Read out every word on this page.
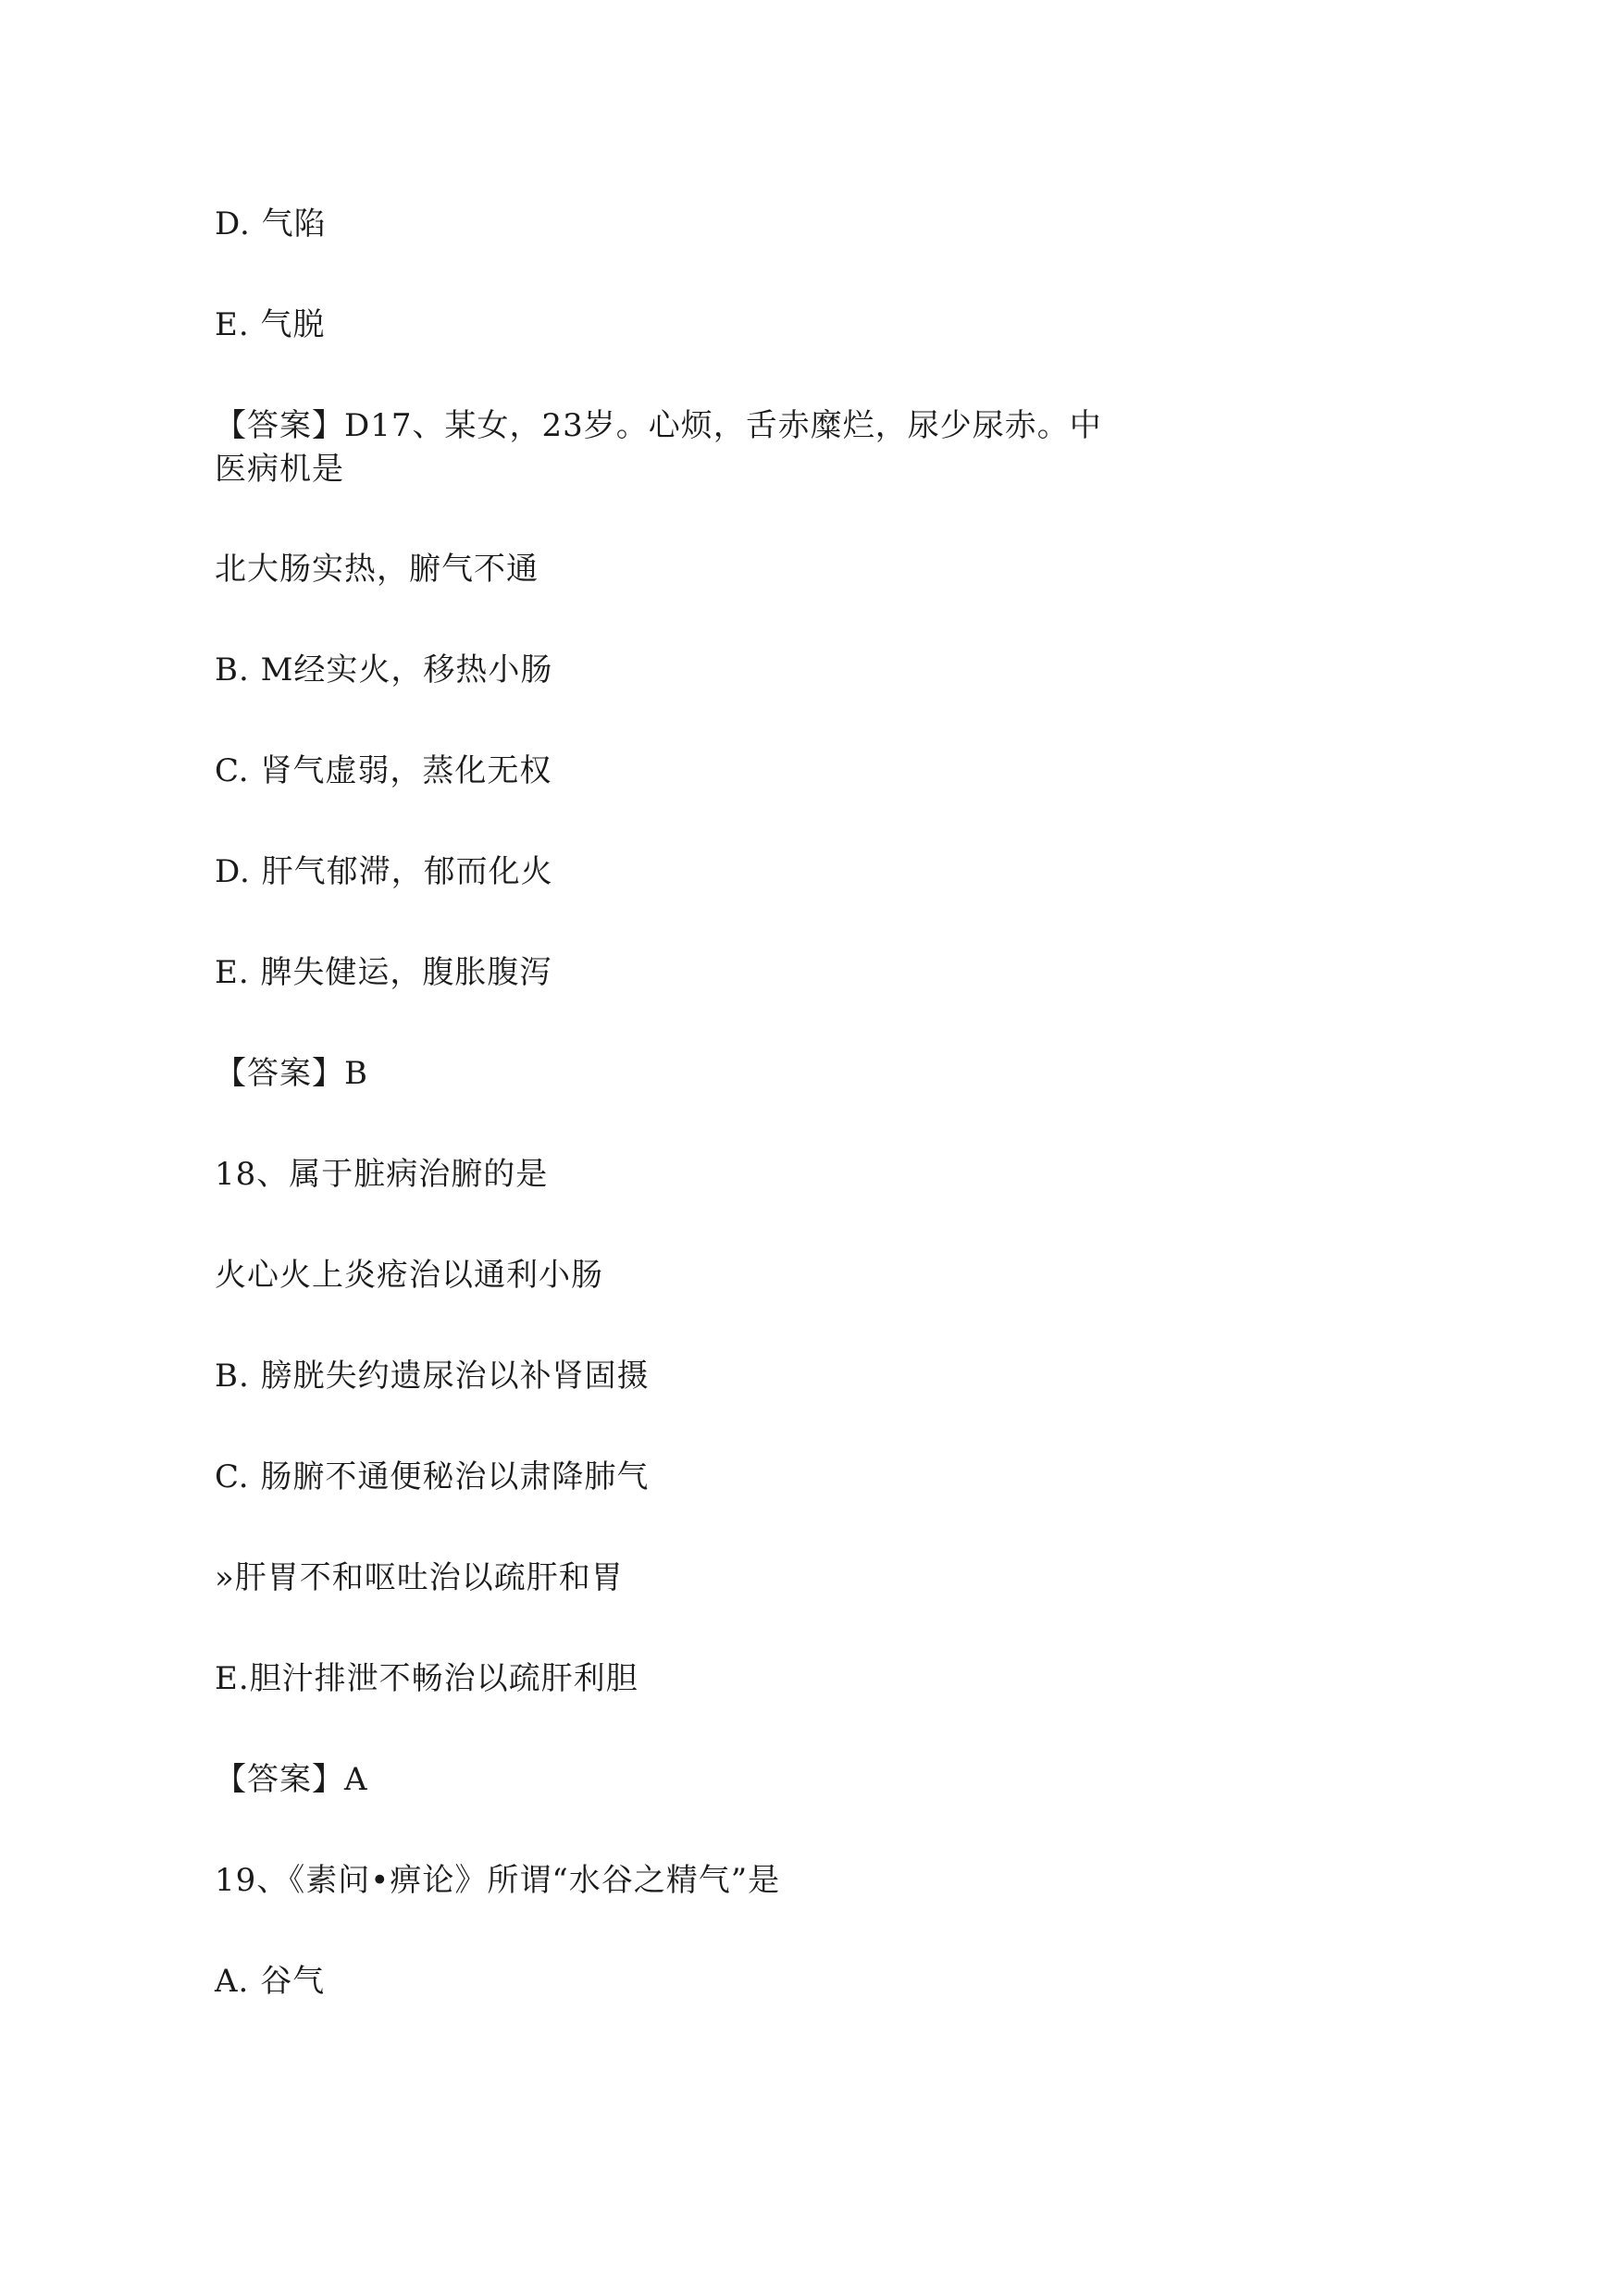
D. 气陷
E. 气脱
【答案】D17、某女，23岁。心烦，舌赤糜烂，尿少尿赤。中
医病机是
北大肠实热，腑气不通
B. M经实火，移热小肠
C. 肾气虚弱，蒸化无权
D. 肝气郁滞，郁而化火
E. 脾失健运，腹胀腹泻
【答案】B
18、属于脏病治腑的是
火心火上炎疮治以通利小肠
B. 膀胱失约遗尿治以补肾固摄
C. 肠腑不通便秘治以肃降肺气
»肝胃不和呕吐治以疏肝和胃
E.胆汁排泄不畅治以疏肝利胆
【答案】A
19、《素问•痹论》所谓“水谷之精气”是
A. 谷气
